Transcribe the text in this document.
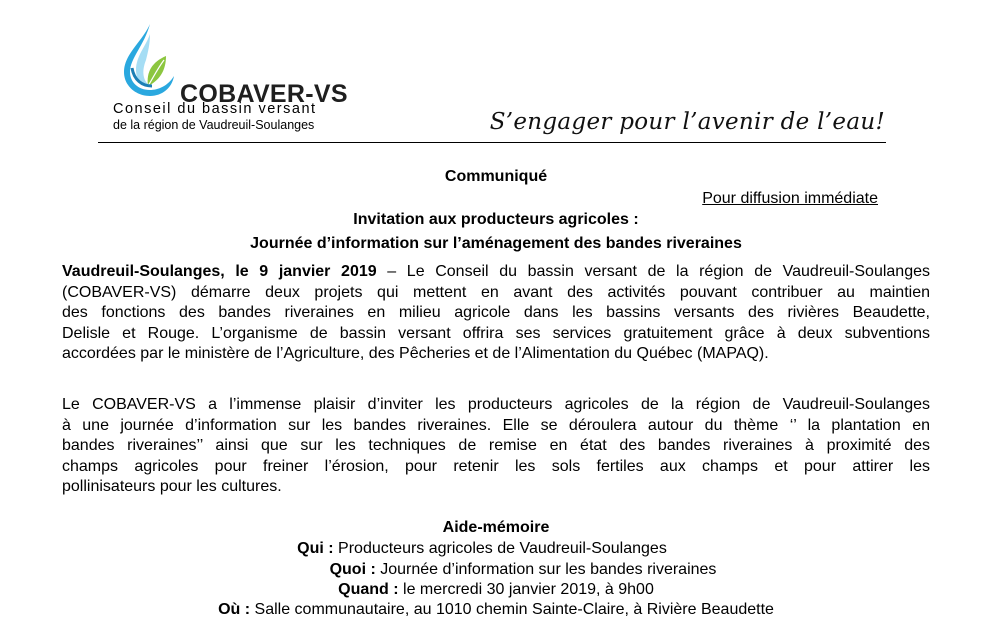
COBAVER-VS
Conseil du bassin versant
de la région de Vaudreuil-Soulanges	S’engager pour l’avenir de l’eau!
Communiqué
Pour diffusion immédiate
Invitation aux producteurs agricoles :
Journée d’information sur l’aménagement des bandes riveraines
Vaudreuil-Soulanges, le 9 janvier 2019 – Le Conseil du bassin versant de la région de Vaudreuil-Soulanges
(COBAVER-VS) démarre deux projets qui mettent en avant des activités pouvant contribuer au maintien
des fonctions des bandes riveraines en milieu agricole dans les bassins versants des rivières Beaudette,
Delisle et Rouge. L’organisme de bassin versant offrira ses services gratuitement grâce à deux subventions
accordées par le ministère de l’Agriculture, des Pêcheries et de l’Alimentation du Québec (MAPAQ).
Le COBAVER-VS a l’immense plaisir d’inviter les producteurs agricoles de la région de Vaudreuil-Soulanges
à une journée d’information sur les bandes riveraines. Elle se déroulera autour du thème ‘’ la plantation en
bandes riveraines’’ ainsi que sur les techniques de remise en état des bandes riveraines à proximité des
champs agricoles pour freiner l’érosion, pour retenir les sols fertiles aux champs et pour attirer les
pollinisateurs pour les cultures.
Aide-mémoire
Qui : Producteurs agricoles de Vaudreuil-Soulanges
Quoi : Journée d’information sur les bandes riveraines
Quand : le mercredi 30 janvier 2019, à 9h00
Où : Salle communautaire, au 1010 chemin Sainte-Claire, à Rivière Beaudette
